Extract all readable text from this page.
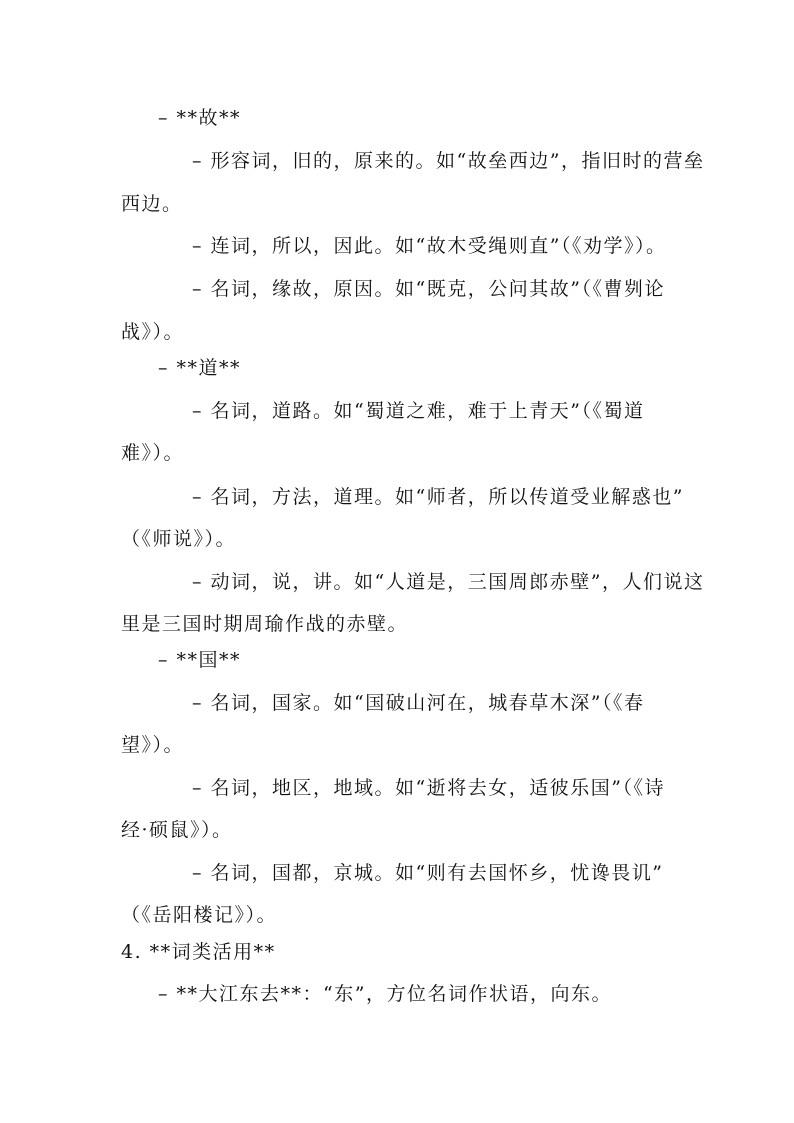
– **故**
– 形容词，旧的，原来的。如“故垒西边”，指旧时的营垒
西边。
– 连词，所以，因此。如“故木受绳则直”（《劝学》）。
– 名词，缘故，原因。如“既克，公问其故”（《曹刿论
战》）。
– **道**
– 名词，道路。如“蜀道之难，难于上青天”（《蜀道
难》）。
– 名词，方法，道理。如“师者，所以传道受业解惑也”
（《师说》）。
– 动词，说，讲。如“人道是，三国周郎赤壁”，人们说这
里是三国时期周瑜作战的赤壁。
– **国**
– 名词，国家。如“国破山河在，城春草木深”（《春
望》）。
– 名词，地区，地域。如“逝将去女，适彼乐国”（《诗
经·硕鼠》）。
– 名词，国都，京城。如“则有去国怀乡，忧谗畏讥”
（《岳阳楼记》）。
4. **词类活用**
– **大江东去**：“东”，方位名词作状语，向东。
